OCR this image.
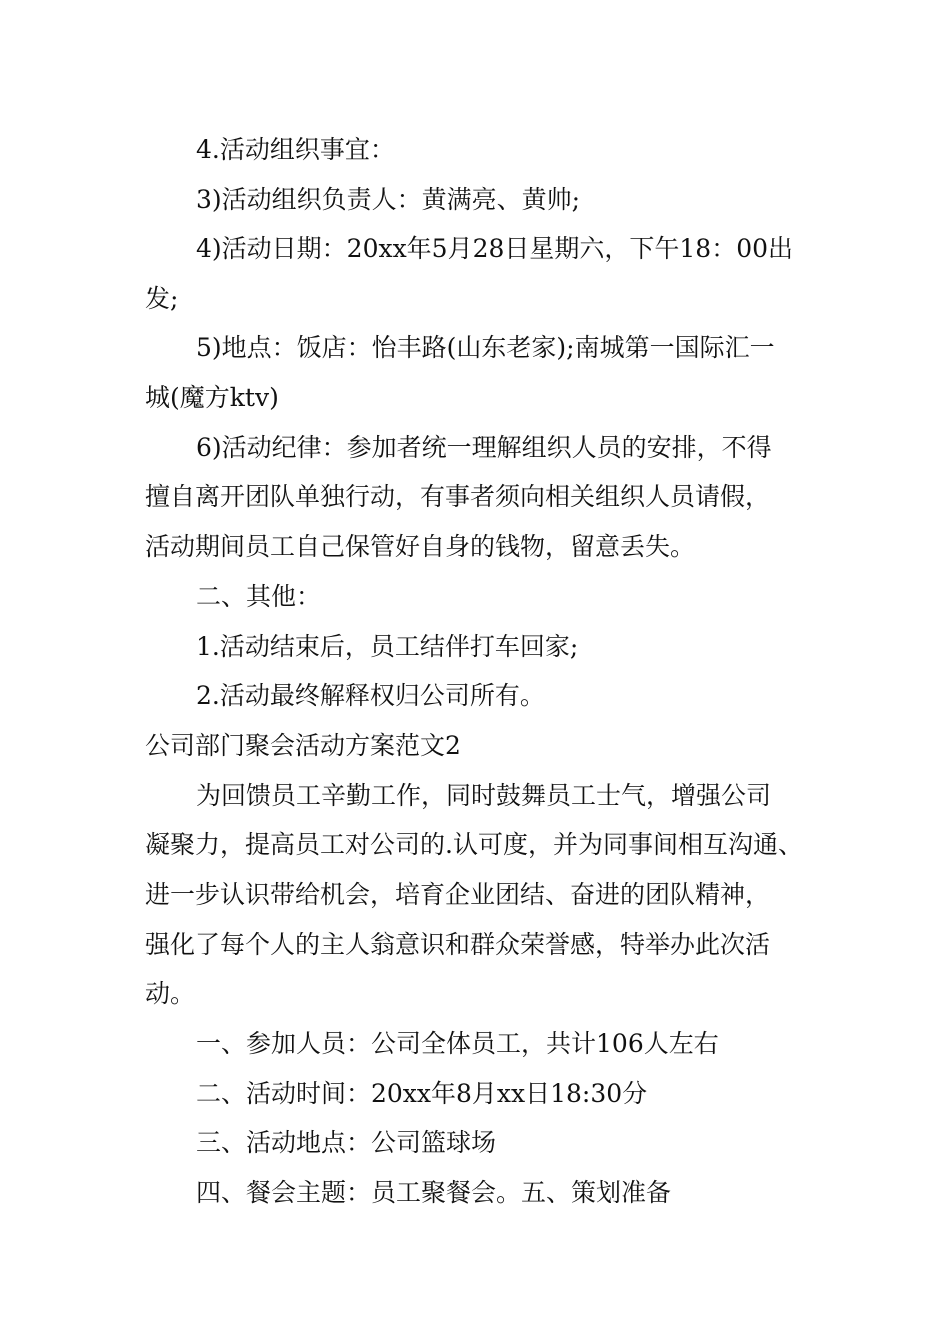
4.活动组织事宜：
3)活动组织负责人：黄满亮、黄帅;
4)活动日期：20xx年5月28日星期六，下午18：00出
发;
5)地点：饭店：怡丰路(山东老家);南城第一国际汇一
城(魔方ktv)
6)活动纪律：参加者统一理解组织人员的安排，不得
擅自离开团队单独行动，有事者须向相关组织人员请假，
活动期间员工自己保管好自身的钱物，留意丢失。
二、其他：
1.活动结束后，员工结伴打车回家;
2.活动最终解释权归公司所有。
公司部门聚会活动方案范文2
为回馈员工辛勤工作，同时鼓舞员工士气，增强公司
凝聚力，提高员工对公司的.认可度，并为同事间相互沟通、
进一步认识带给机会，培育企业团结、奋进的团队精神，
强化了每个人的主人翁意识和群众荣誉感，特举办此次活
动。
一、参加人员：公司全体员工，共计106人左右
二、活动时间：20xx年8月xx日18:30分
三、活动地点：公司篮球场
四、餐会主题：员工聚餐会。五、策划准备
